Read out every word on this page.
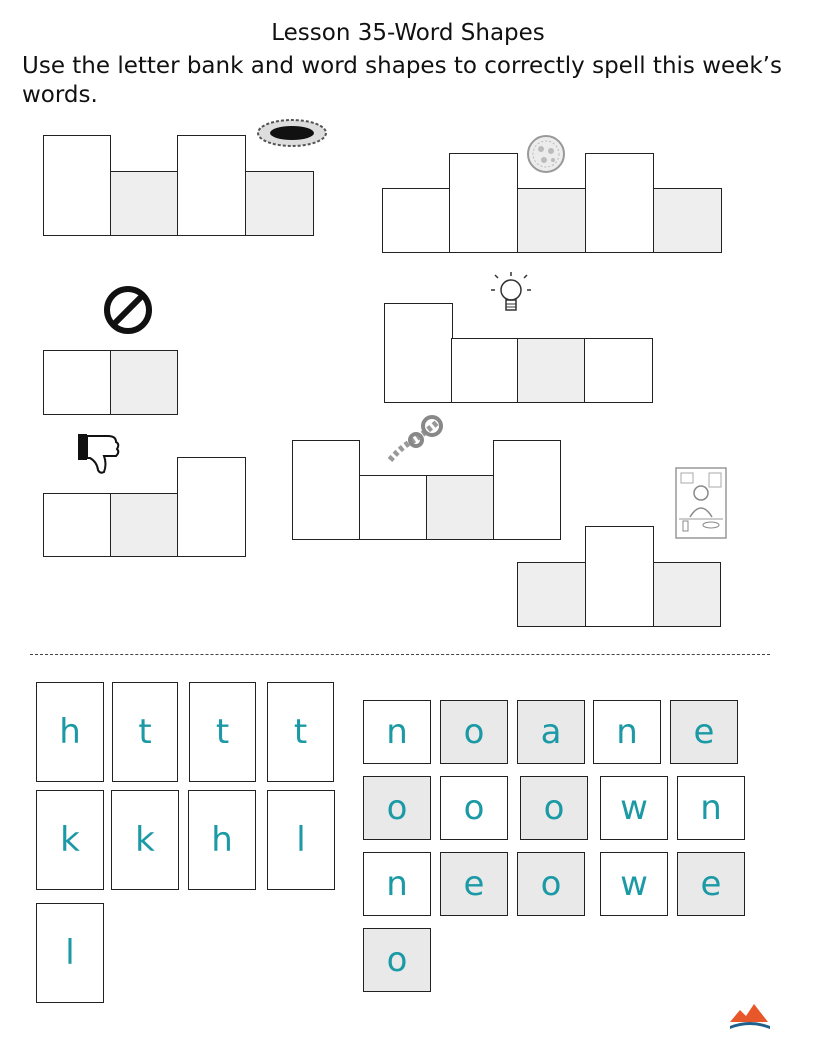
Lesson 35-Word Shapes
Use the letter bank and word shapes to correctly spell this week’s words.
h	t	t	t
k	k	h	l
l
n	o	a	n	e
o	o	o	w	n
n	e	o	w	e
o
